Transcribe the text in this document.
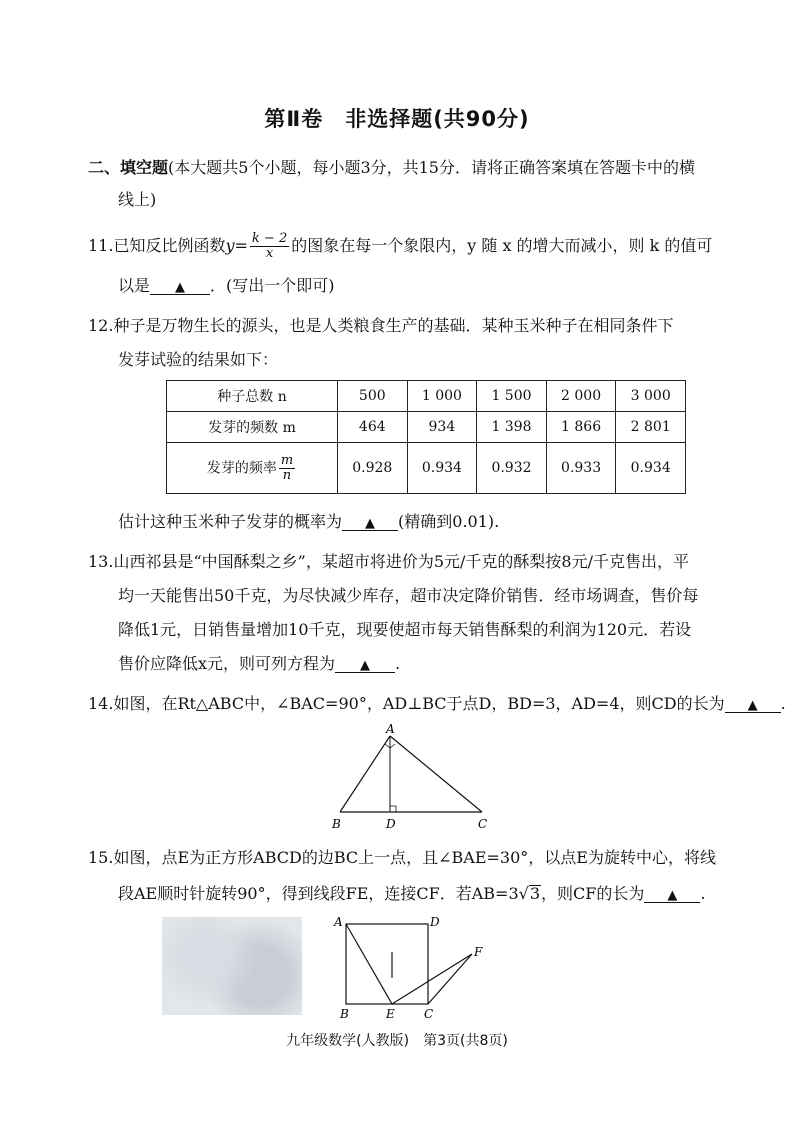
第Ⅱ卷　非选择题(共90分)
二、填空题(本大题共5个小题，每小题3分，共15分．请将正确答案填在答题卡中的横
线上)
11.已知反比例函数$y= \frac{k - 2}{x}$ 的图象在每一个象限内，y 随 x 的增大而减小，则 k 的值可
以是 ▲ ．(写出一个即可)
12.种子是万物生长的源头，也是人类粮食生产的基础．某种玉米种子在相同条件下
发芽试验的结果如下：
种子总数 n	500	1 000	1 500	2 000	3 000
发芽的频数 m	464	934	1 398	1 866	2 801
发芽的频率 $\frac{m}{n}$	0.928	0.934	0.932	0.933	0.934
估计这种玉米种子发芽的概率为 ▲ (精确到0.01).
13.山西祁县是“中国酥梨之乡”，某超市将进价为5元/千克的酥梨按8元/千克售出，平
均一天能售出50千克，为尽快减少库存，超市决定降价销售．经市场调查，售价每
降低1元，日销售量增加10千克，现要使超市每天销售酥梨的利润为120元．若设
售价应降低x元，则可列方程为 ▲ .
14.如图，在Rt△ABC中，∠BAC=90°，AD⊥BC于点D，BD=3，AD=4，则CD的长为 ▲ .
A
B	D	C
15.如图，点E为正方形ABCD的边BC上一点，且∠BAE=30°，以点E为旋转中心，将线
段AE顺时针旋转90°，得到线段FE，连接CF．若AB=3√3，则CF的长为 ▲ .
A	D
F
B	E C
九年级数学(人教版)　第3页(共8页)
